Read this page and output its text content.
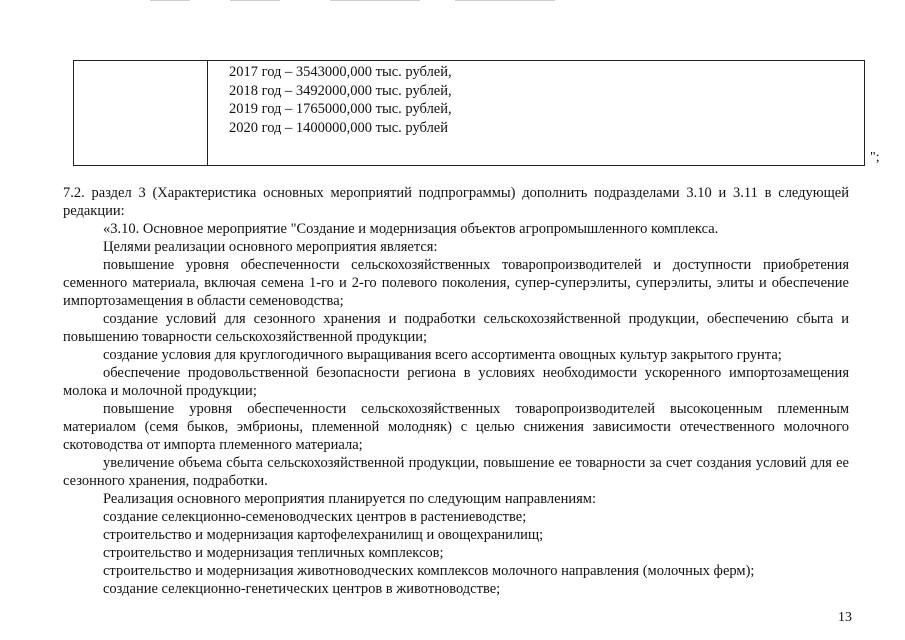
2017 год – 3543000,000 тыс. рублей,
2018 год – 3492000,000 тыс. рублей,
2019 год – 1765000,000 тыс. рублей,
2020 год – 1400000,000 тыс. рублей
";

7.2. раздел 3 (Характеристика основных мероприятий подпрограммы) дополнить подразделами 3.10 и 3.11 в следующей редакции:

«3.10. Основное мероприятие "Создание и модернизация объектов агропромышленного комплекса.

Целями реализации основного мероприятия является:

повышение уровня обеспеченности сельскохозяйственных товаропроизводителей и доступности приобретения семенного материала, включая семена 1-го и 2-го полевого поколения, супер-суперэлиты, суперэлиты, элиты и обеспечение импортозамещения в области семеноводства;

создание условий для сезонного хранения и подработки сельскохозяйственной продукции, обеспечению сбыта и повышению товарности сельскохозяйственной продукции;

создание условия для круглогодичного выращивания всего ассортимента овощных культур закрытого грунта;

обеспечение продовольственной безопасности региона в условиях необходимости ускоренного импортозамещения молока и молочной продукции;

повышение уровня обеспеченности сельскохозяйственных товаропроизводителей высокоценным племенным материалом (семя быков, эмбрионы, племенной молодняк) с целью снижения зависимости отечественного молочного скотоводства от импорта племенного материала;

увеличение объема сбыта сельскохозяйственной продукции, повышение ее товарности за счет создания условий для ее сезонного хранения, подработки.

Реализация основного мероприятия планируется по следующим направлениям:

создание селекционно-семеноводческих центров в растениеводстве;

строительство и модернизация картофелехранилищ и овощехранилищ;

строительство и модернизация тепличных комплексов;

строительство и модернизация животноводческих комплексов молочного направления (молочных ферм);

создание селекционно-генетических центров в животноводстве;

13
